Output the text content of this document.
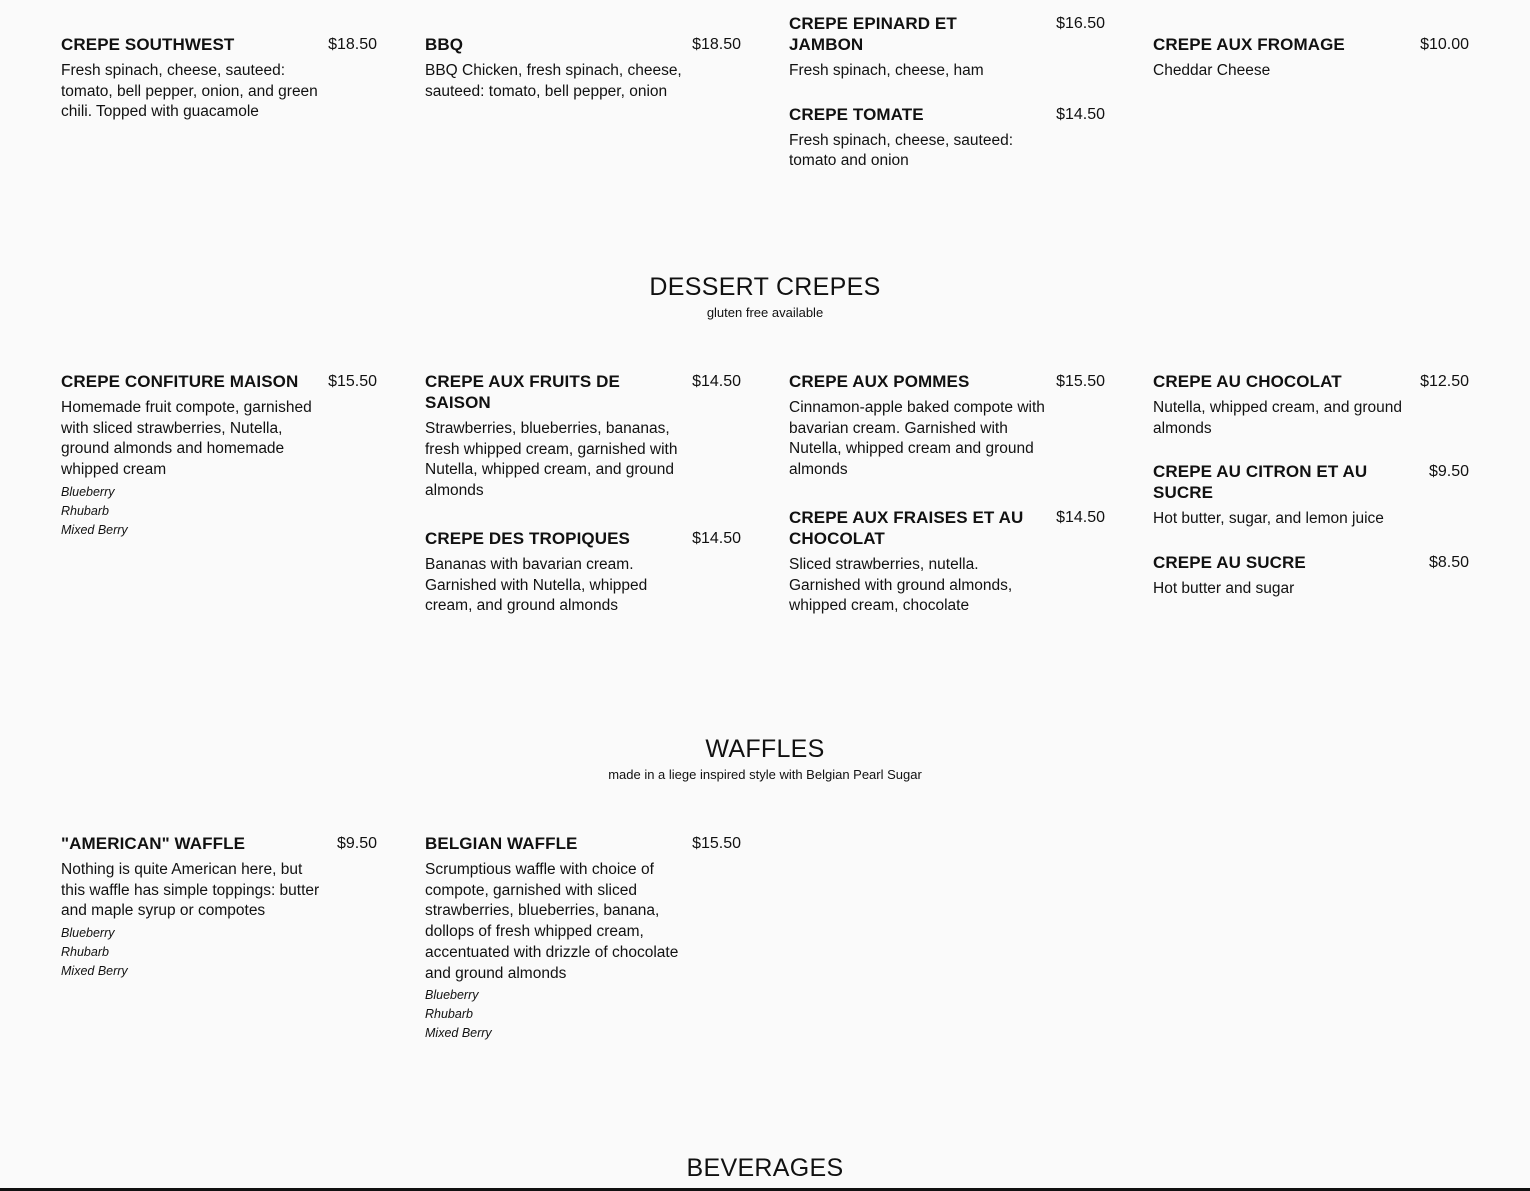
CREPE SOUTHWEST	$18.50
Fresh spinach, cheese, sauteed: tomato, bell pepper, onion, and green chili. Topped with guacamole
BBQ	$18.50
BBQ Chicken, fresh spinach, cheese, sauteed: tomato, bell pepper, onion
CREPE EPINARD ET JAMBON
$16.50
Fresh spinach, cheese, ham
CREPE TOMATE	$14.50
Fresh spinach, cheese, sauteed: tomato and onion
CREPE AUX FROMAGE	$10.00
Cheddar Cheese
DESSERT CREPES
gluten free available
CREPE CONFITURE MAISON $15.50
Homemade fruit compote, garnished with sliced strawberries, Nutella, ground almonds and homemade whipped cream
Blueberry
Rhubarb
Mixed Berry
CREPE AUX FRUITS DE SAISON
$14.50
Strawberries, blueberries, bananas, fresh whipped cream, garnished with Nutella, whipped cream, and ground almonds
CREPE DES TROPIQUES	$14.50
Bananas with bavarian cream. Garnished with Nutella, whipped cream, and ground almonds
CREPE AUX POMMES	$15.50
Cinnamon-apple baked compote with bavarian cream. Garnished with Nutella, whipped cream and ground almonds
CREPE AUX FRAISES ET AU CHOCOLAT
$14.50
Sliced strawberries, nutella. Garnished with ground almonds, whipped cream, chocolate
CREPE AU CHOCOLAT	$12.50
Nutella, whipped cream, and ground almonds
CREPE AU CITRON ET AU SUCRE
$9.50
Hot butter, sugar, and lemon juice
CREPE AU SUCRE	$8.50
Hot butter and sugar
WAFFLES
made in a liege inspired style with Belgian Pearl Sugar
"AMERICAN" WAFFLE	$9.50
Nothing is quite American here, but this waffle has simple toppings: butter and maple syrup or compotes
Blueberry
Rhubarb
Mixed Berry
BELGIAN WAFFLE	$15.50
Scrumptious waffle with choice of compote, garnished with sliced strawberries, blueberries, banana, dollops of fresh whipped cream, accentuated with drizzle of chocolate and ground almonds
Blueberry
Rhubarb
Mixed Berry
BEVERAGES
